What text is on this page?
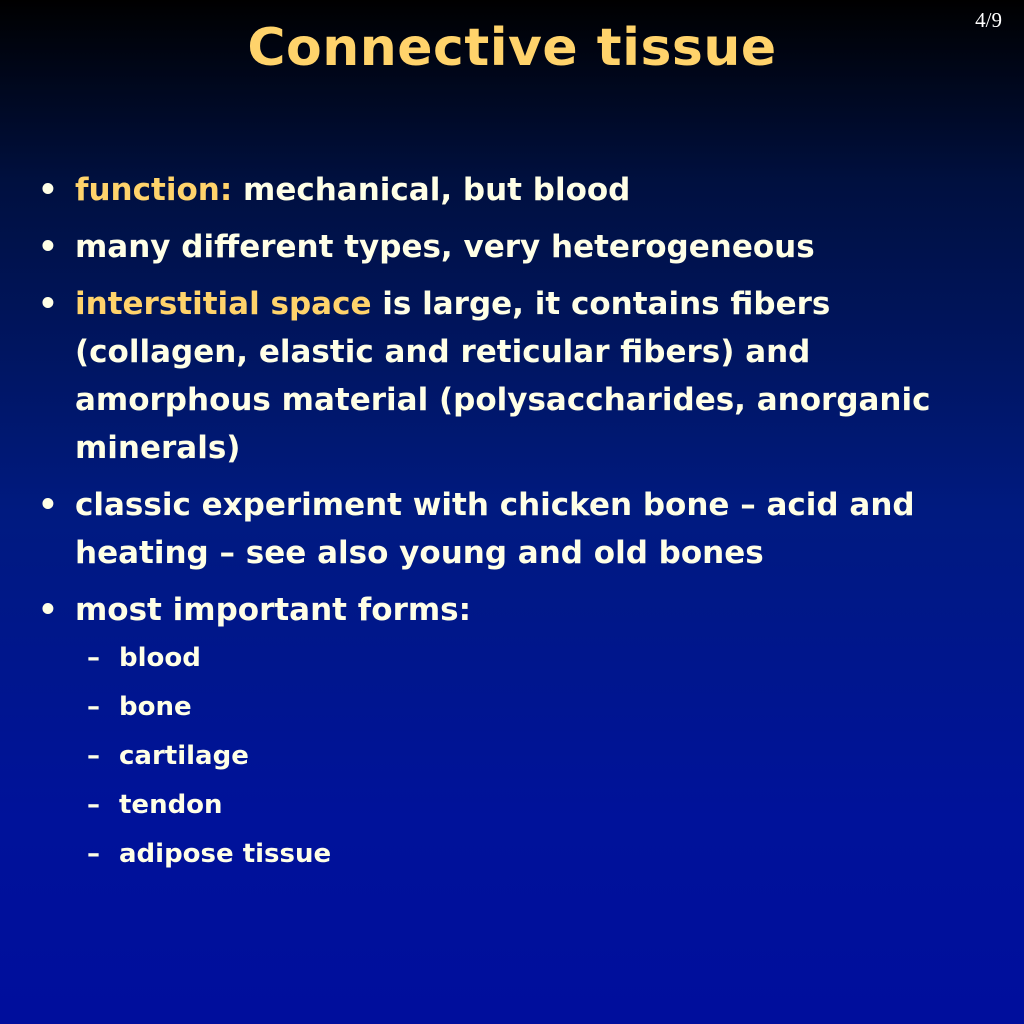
4/9
Connective tissue
• function: mechanical, but blood
• many different types, very heterogeneous
• interstitial space is large, it contains fibers (collagen, elastic and reticular fibers) and amorphous material (polysaccharides, anorganic minerals)
• classic experiment with chicken bone – acid and heating – see also young and old bones
• most important forms:
– blood
– bone
– cartilage
– tendon
– adipose tissue
